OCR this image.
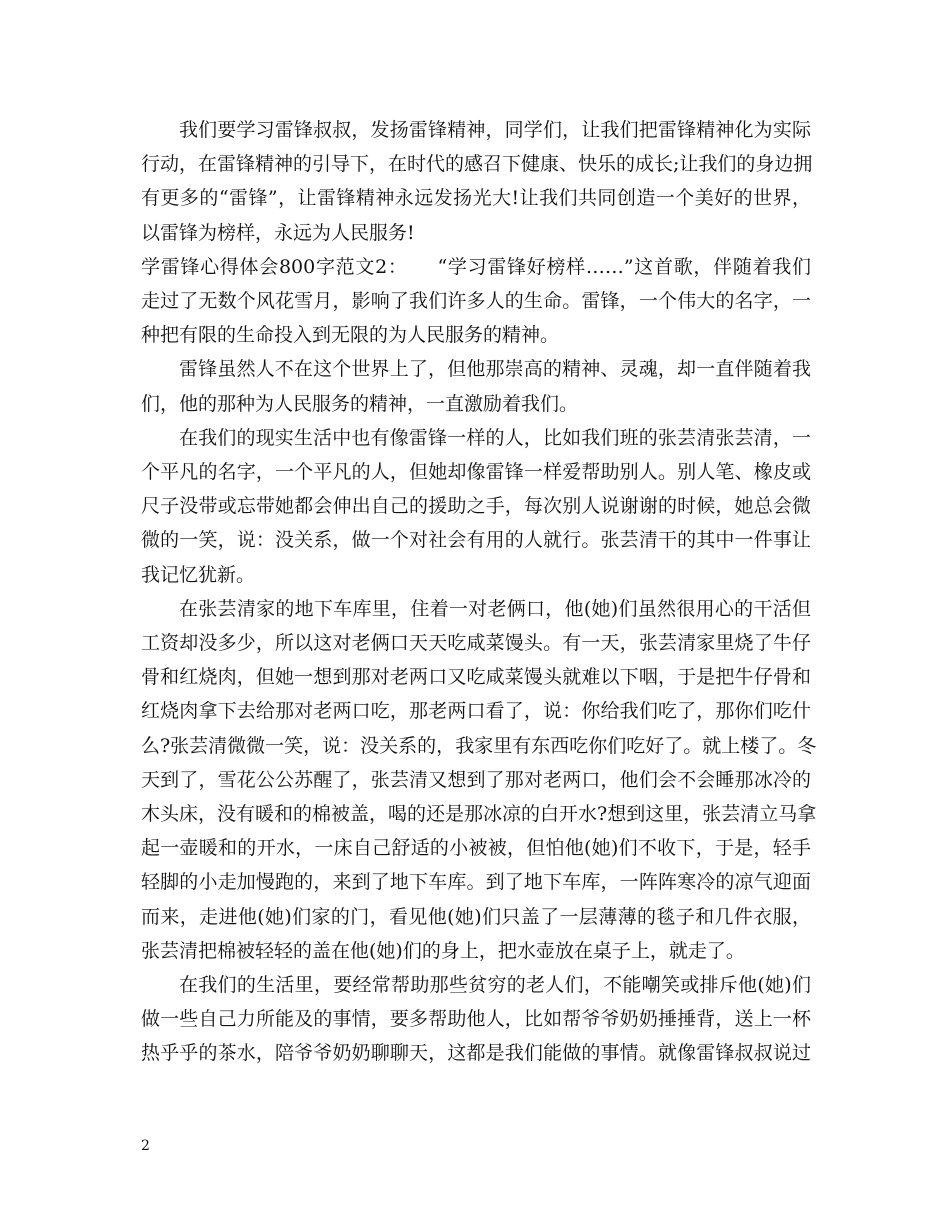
我们要学习雷锋叔叔，发扬雷锋精神，同学们，让我们把雷锋精神化为实际
行动，在雷锋精神的引导下，在时代的感召下健康、快乐的成长;让我们的身边拥
有更多的“雷锋”，让雷锋精神永远发扬光大!让我们共同创造一个美好的世界，
以雷锋为榜样，永远为人民服务!
学雷锋心得体会800字范文2：　　“学习雷锋好榜样……”这首歌，伴随着我们
走过了无数个风花雪月，影响了我们许多人的生命。雷锋，一个伟大的名字，一
种把有限的生命投入到无限的为人民服务的精神。
雷锋虽然人不在这个世界上了，但他那崇高的精神、灵魂，却一直伴随着我
们，他的那种为人民服务的精神，一直激励着我们。
在我们的现实生活中也有像雷锋一样的人，比如我们班的张芸清张芸清，一
个平凡的名字，一个平凡的人，但她却像雷锋一样爱帮助别人。别人笔、橡皮或
尺子没带或忘带她都会伸出自己的援助之手，每次别人说谢谢的时候，她总会微
微的一笑，说：没关系，做一个对社会有用的人就行。张芸清干的其中一件事让
我记忆犹新。
在张芸清家的地下车库里，住着一对老俩口，他(她)们虽然很用心的干活但
工资却没多少，所以这对老俩口天天吃咸菜馒头。有一天，张芸清家里烧了牛仔
骨和红烧肉，但她一想到那对老两口又吃咸菜馒头就难以下咽，于是把牛仔骨和
红烧肉拿下去给那对老两口吃，那老两口看了，说：你给我们吃了，那你们吃什
么?张芸清微微一笑，说：没关系的，我家里有东西吃你们吃好了。就上楼了。冬
天到了，雪花公公苏醒了，张芸清又想到了那对老两口，他们会不会睡那冰冷的
木头床，没有暖和的棉被盖，喝的还是那冰凉的白开水?想到这里，张芸清立马拿
起一壶暖和的开水，一床自己舒适的小被被，但怕他(她)们不收下，于是，轻手
轻脚的小走加慢跑的，来到了地下车库。到了地下车库，一阵阵寒冷的凉气迎面
而来，走进他(她)们家的门，看见他(她)们只盖了一层薄薄的毯子和几件衣服，
张芸清把棉被轻轻的盖在他(她)们的身上，把水壶放在桌子上，就走了。
在我们的生活里，要经常帮助那些贫穷的老人们，不能嘲笑或排斥他(她)们
做一些自己力所能及的事情，要多帮助他人，比如帮爷爷奶奶捶捶背，送上一杯
热乎乎的茶水，陪爷爷奶奶聊聊天，这都是我们能做的事情。就像雷锋叔叔说过
2
